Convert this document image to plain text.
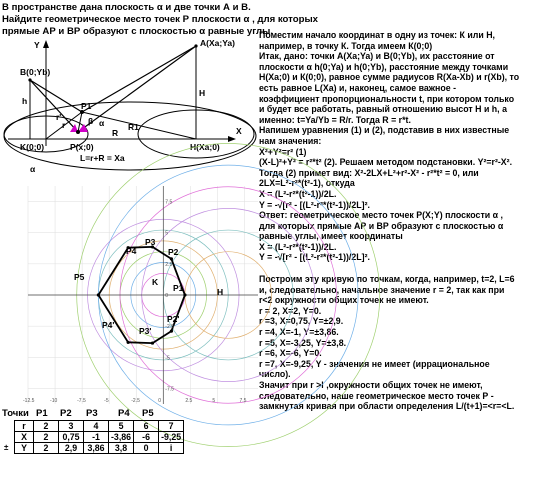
В пространстве дана плоскость α и две точки А и В.
Найдите геометрическое место точек Р плоскости α , для которых
прямые АР и ВР образуют с плоскостью α равные углы.
Y	A(Xa;Ya)
B(0;Yb)
h
H
P1
r'
r	R1
β α
R
K(0;0)	P(x;0)
L=r+R = Xa
H(Xa;0)
X
α
Поместим начало координат в одну из точек: К или Н,
например, в точку К. Тогда имеем К(0;0)
Итак, дано: точки А(Xa;Ya) и В(0;Yb), их расстояние от
плоскости α h(0;Ya) и h(0;Yb), расстояние между точками
Н(Xa;0) и К(0;0), равное сумме радиусов R(Xa-Xb) и r(Xb), то
есть равное L(Xa) и, наконец, самое важное -
коэффициент пропорциональности t, при котором только
и будет все работать, равный отношению высот Н и h, а
именно: t=Ya/Yb = R/r. Тогда R = r*t.
Напишем уравнения (1) и (2), подставив в них известные
нам значения:
X²+Y²=r² (1)
(X-L)²+Y² = r²*t² (2). Решаем методом подстановки. Y²=r²-X².
Тогда (2) примет вид: X²-2LX+L²+r²-X² - r²*t² = 0, или
2LX=L²-r²*(t²-1), откуда
X = (L²-r²*(t²-1))/2L.
Y = -√[r² - [(L²-r²*(t²-1))/2L]².
Ответ: геометрическое место точек Р(X;Y) плоскости α ,
для которых прямые АР и ВР образуют с плоскостью α
равные углы, имеет координаты
X = (L²-r²*(t²-1))/2L.
Y = -√[r² - [(L²-r²*(t²-1))/2L]².
Построим эту кривую по точкам, когда, например, t=2, L=6
и, следовательно, начальное значение r = 2, так как при
r<2 окружности общих точек не имеют.
r = 2, X=2, Y=0.
r =3, X=0,75, Y=±2,9.
r =4, X=-1, Y=±3,86.
r =5, X=-3,25, Y=±3,8.
r =6, X=-6, Y=0.
r =7, X=-9,25, Y - значения не имеет (иррациональное
число).
Значит при r >l ,окружности общих точек не имеют,
следовательно, наше геометрическое место точек Р -
замкнутая кривая при области определения L/(t+1)=<r=<L.
-12.5	-10	-7.5	-5	-2.5	0	2.5	5	7.5
7.5
5
2.5
0
-2.5
-5
-7.5
P1
P2
P3
P4
P5	K
H
P2'
P3'
P4'
Точки P1 P2 P3 P4 P5
r	2	3	4	5	6	7
X	2	0,75	-1	-3,86	-6	-9,25
Y	2	2,9	3,86	3,8	0	i
±
